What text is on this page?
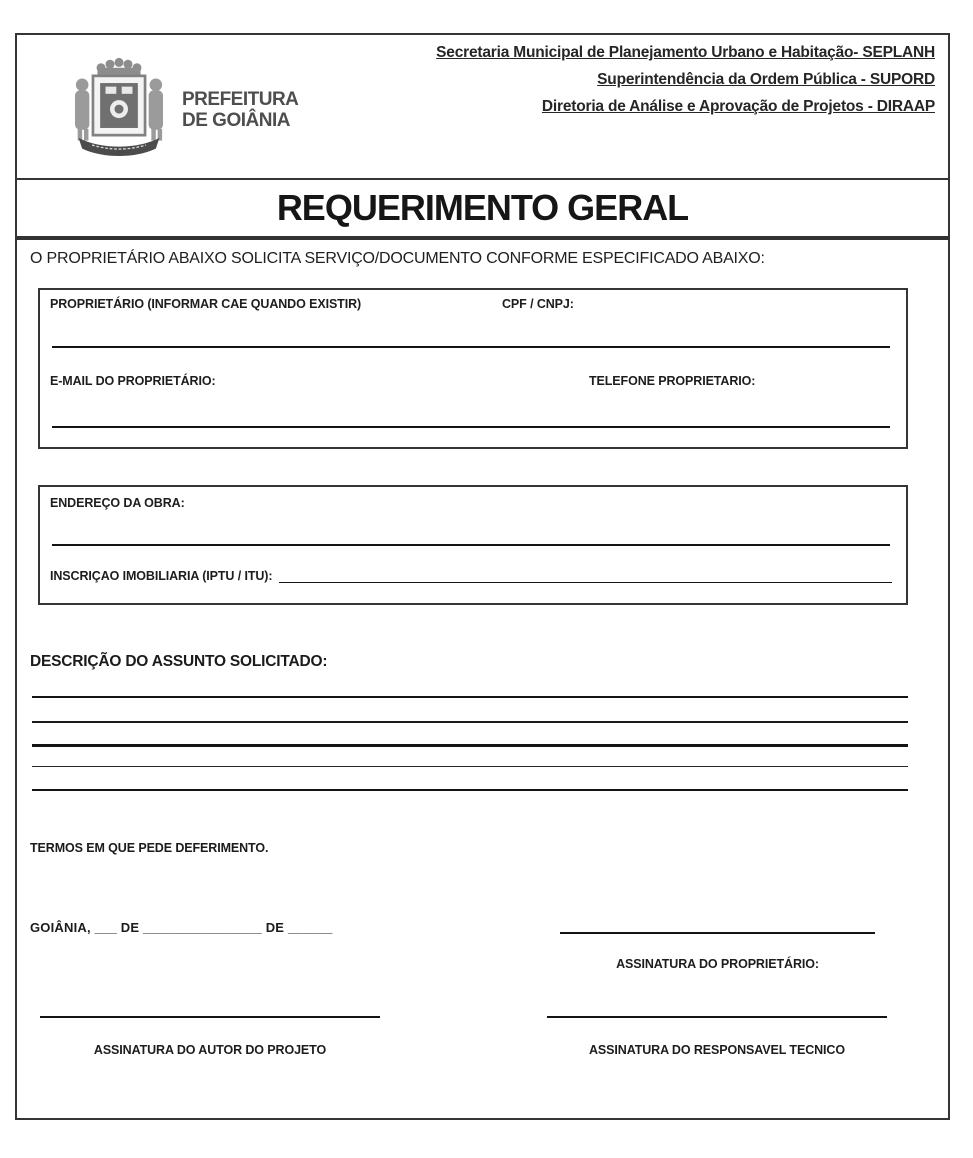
PREFEITURA
DE GOIÂNIA
Secretaria Municipal de Planejamento Urbano e Habitação- SEPLANH
Superintendência da Ordem Pública - SUPORD
Diretoria de Análise e Aprovação de Projetos - DIRAAP
REQUERIMENTO GERAL
O PROPRIETÁRIO ABAIXO SOLICITA SERVIÇO/DOCUMENTO CONFORME ESPECIFICADO ABAIXO:
PROPRIETÁRIO (INFORMAR CAE QUANDO EXISTIR)	CPF / CNPJ:
E-MAIL DO PROPRIETÁRIO:	TELEFONE PROPRIETARIO:
ENDEREÇO DA OBRA:
INSCRIÇAO IMOBILIARIA (IPTU / ITU):
DESCRIÇÃO DO ASSUNTO SOLICITADO:
TERMOS EM QUE PEDE DEFERIMENTO.
GOIÂNIA, ___ DE ________________ DE ______
ASSINATURA DO PROPRIETÁRIO:
ASSINATURA DO AUTOR DO PROJETO	ASSINATURA DO RESPONSAVEL TECNICO
